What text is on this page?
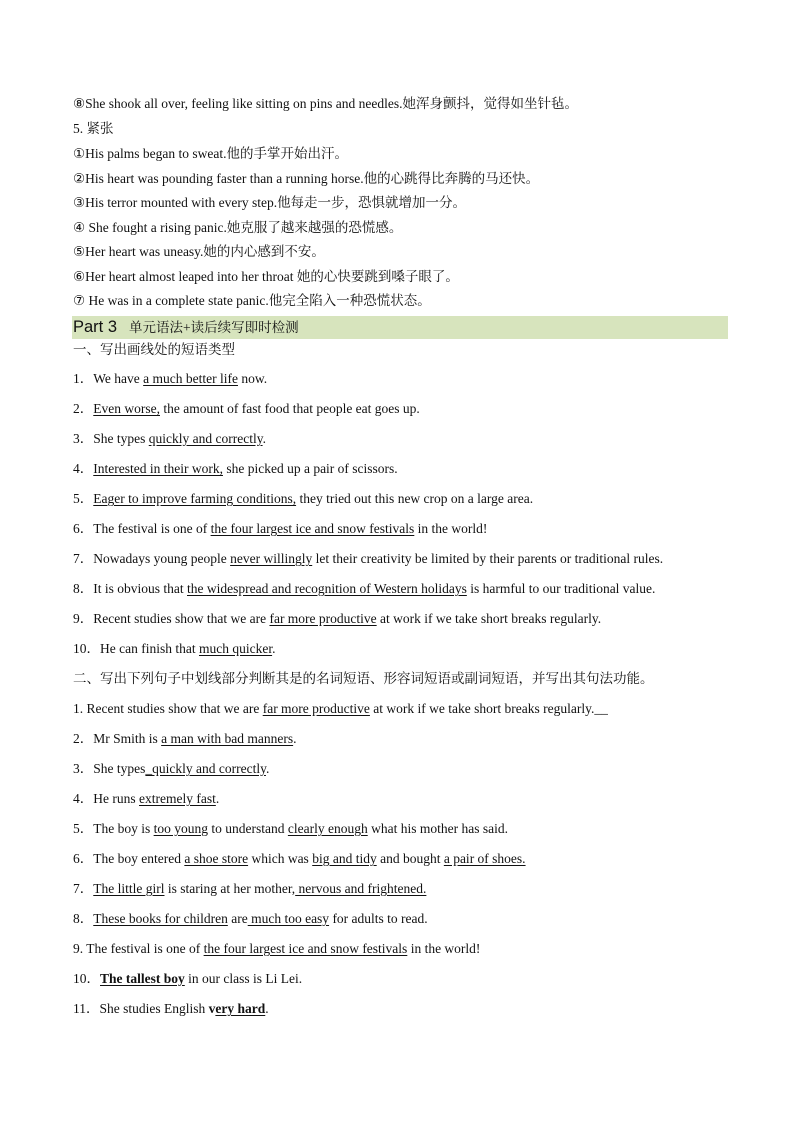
⑧She shook all over, feeling like sitting on pins and needles.她浑身颤抖，觉得如坐针毡。
5. 紧张
①His palms began to sweat.他的手掌开始出汗。
②His heart was pounding faster than a running horse.他的心跳得比奔腾的马还快。
③His terror mounted with every step.他每走一步，恐惧就增加一分。
④ She fought a rising panic.她克服了越来越强的恐慌感。
⑤Her heart was uneasy.她的内心感到不安。
⑥Her heart almost leaped into her throat 她的心快要跳到嗓子眼了。
⑦ He was in a complete state panic.他完全陷入一种恐慌状态。
Part 3 单元语法+读后续写即时检测
一、写出画线处的短语类型
1．We have a much better life now.
2．Even worse, the amount of fast food that people eat goes up.
3．She types quickly and correctly.
4．Interested in their work, she picked up a pair of scissors.
5．Eager to improve farming conditions, they tried out this new crop on a large area.
6．The festival is one of the four largest ice and snow festivals in the world!
7．Nowadays young people never willingly let their creativity be limited by their parents or traditional rules.
8．It is obvious that the widespread and recognition of Western holidays is harmful to our traditional value.
9．Recent studies show that we are far more productive at work if we take short breaks regularly.
10．He can finish that much quicker.
二、写出下列句子中划线部分判断其是的名词短语、形容词短语或副词短语，并写出其句法功能。
1. Recent studies show that we are far more productive at work if we take short breaks regularly.__
2．Mr Smith is a man with bad manners.
3．She types_quickly and correctly.
4．He runs extremely fast.
5．The boy is too young to understand clearly enough what his mother has said.
6．The boy entered a shoe store which was big and tidy and bought a pair of shoes.
7．The little girl is staring at her mother, nervous and frightened.
8．These books for children are much too easy for adults to read.
9. The festival is one of the four largest ice and snow festivals in the world!
10．The tallest boy in our class is Li Lei.
11．She studies English very hard.
